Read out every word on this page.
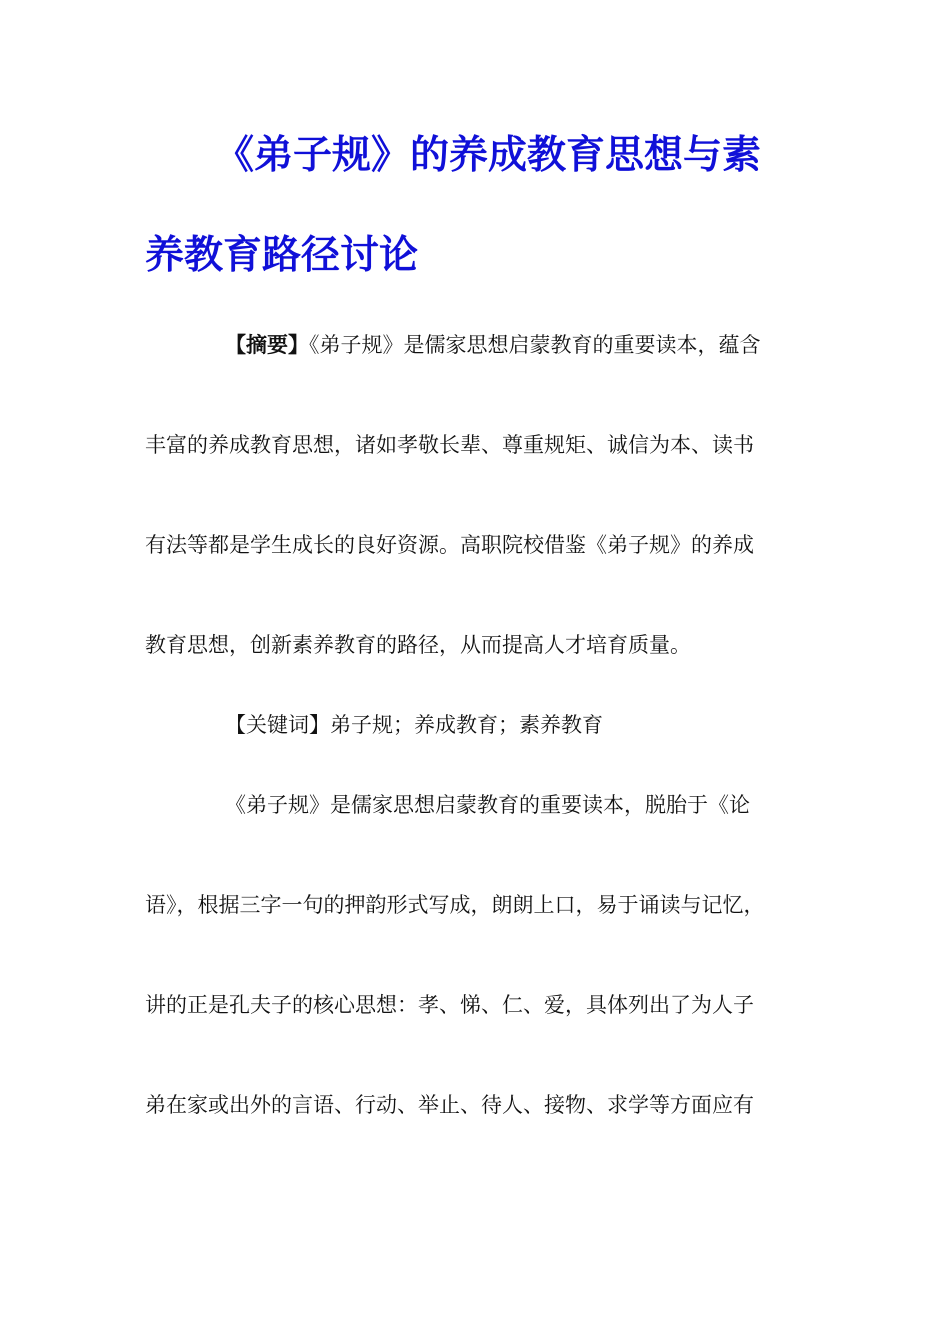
《弟子规》的养成教育思想与素
养教育路径讨论
【摘要】《弟子规》是儒家思想启蒙教育的重要读本，蕴含
丰富的养成教育思想，诸如孝敬长辈、尊重规矩、诚信为本、读书
有法等都是学生成长的良好资源。高职院校借鉴《弟子规》的养成
教育思想，创新素养教育的路径，从而提高人才培育质量。
【关键词】弟子规；养成教育；素养教育
《弟子规》是儒家思想启蒙教育的重要读本，脱胎于《论
语》，根据三字一句的押韵形式写成，朗朗上口，易于诵读与记忆，
讲的正是孔夫子的核心思想：孝、悌、仁、爱，具体列出了为人子
弟在家或出外的言语、行动、举止、待人、接物、求学等方面应有
